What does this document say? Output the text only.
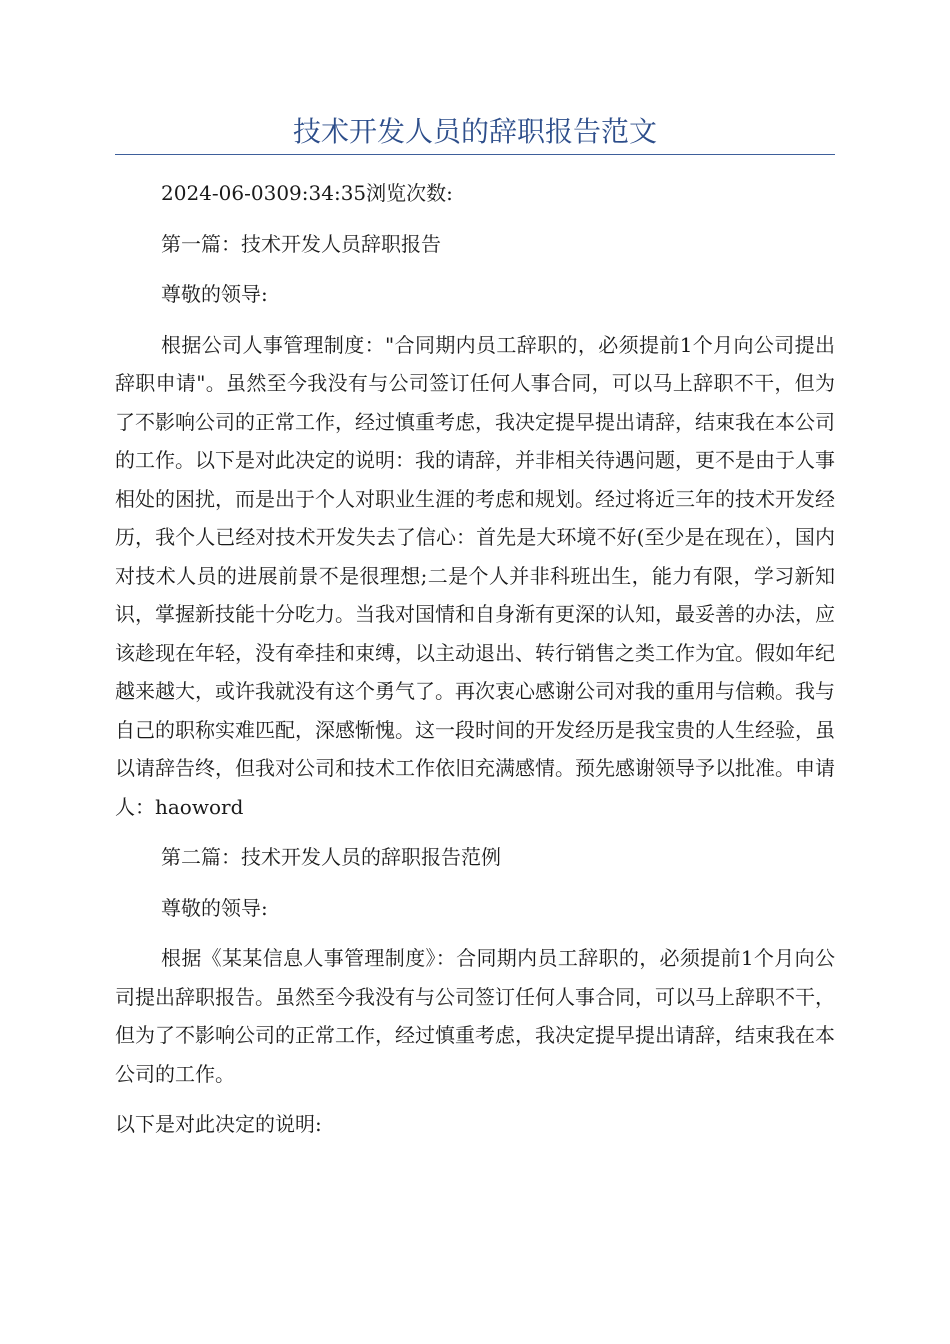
技术开发人员的辞职报告范文

2024-06-0309:34:35浏览次数:

第一篇：技术开发人员辞职报告

尊敬的领导:

根据公司人事管理制度："合同期内员工辞职的，必须提前1个月向公司提出辞职申请"。虽然至今我没有与公司签订任何人事合同，可以马上辞职不干，但为了不影响公司的正常工作，经过慎重考虑，我决定提早提出请辞，结束我在本公司的工作。以下是对此决定的说明：我的请辞，并非相关待遇问题，更不是由于人事相处的困扰，而是出于个人对职业生涯的考虑和规划。经过将近三年的技术开发经历，我个人已经对技术开发失去了信心：首先是大环境不好(至少是在现在），国内对技术人员的进展前景不是很理想;二是个人并非科班出生，能力有限，学习新知识，掌握新技能十分吃力。当我对国情和自身渐有更深的认知，最妥善的办法，应该趁现在年轻，没有牵挂和束缚，以主动退出、转行销售之类工作为宜。假如年纪越来越大，或许我就没有这个勇气了。再次衷心感谢公司对我的重用与信赖。我与自己的职称实难匹配，深感惭愧。这一段时间的开发经历是我宝贵的人生经验，虽以请辞告终，但我对公司和技术工作依旧充满感情。预先感谢领导予以批准。申请人：haoword

第二篇：技术开发人员的辞职报告范例

尊敬的领导:

根据《某某信息人事管理制度》：合同期内员工辞职的，必须提前1个月向公司提出辞职报告。虽然至今我没有与公司签订任何人事合同，可以马上辞职不干，但为了不影响公司的正常工作，经过慎重考虑，我决定提早提出请辞，结束我在本公司的工作。

以下是对此决定的说明:
